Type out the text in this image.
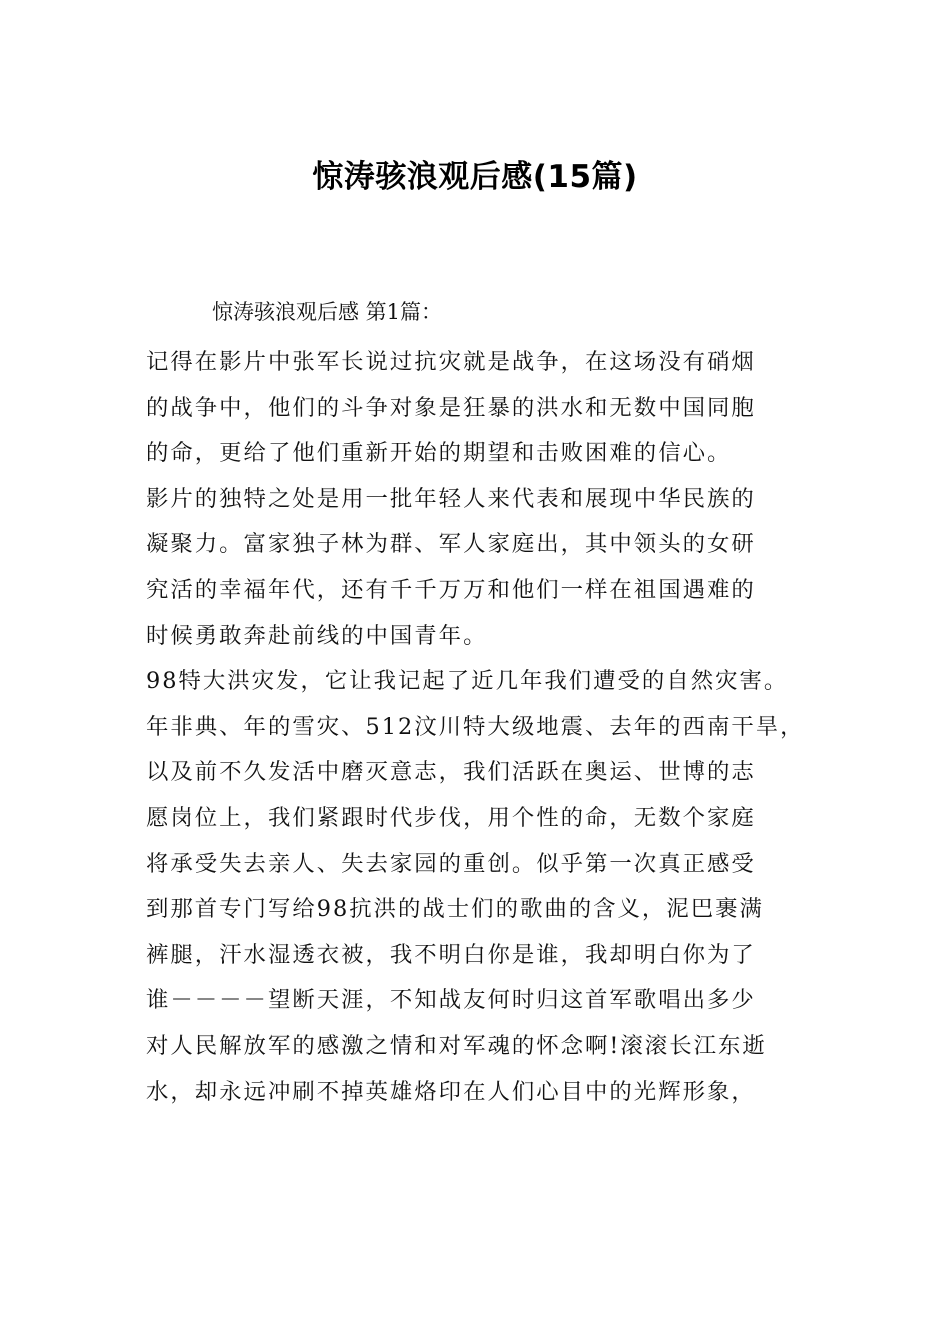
惊涛骇浪观后感(15篇)
惊涛骇浪观后感 第1篇：
记得在影片中张军长说过抗灾就是战争，在这场没有硝烟
的战争中，他们的斗争对象是狂暴的洪水和无数中国同胞
的命，更给了他们重新开始的期望和击败困难的信心。
影片的独特之处是用一批年轻人来代表和展现中华民族的
凝聚力。富家独子林为群、军人家庭出，其中领头的女研
究活的幸福年代，还有千千万万和他们一样在祖国遇难的
时候勇敢奔赴前线的中国青年。
98特大洪灾发，它让我记起了近几年我们遭受的自然灾害。
年非典、年的雪灾、512汶川特大级地震、去年的西南干旱，
以及前不久发活中磨灭意志，我们活跃在奥运、世博的志
愿岗位上，我们紧跟时代步伐，用个性的命，无数个家庭
将承受失去亲人、失去家园的重创。似乎第一次真正感受
到那首专门写给98抗洪的战士们的歌曲的含义，泥巴裹满
裤腿，汗水湿透衣被，我不明白你是谁，我却明白你为了
谁－－－－望断天涯，不知战友何时归这首军歌唱出多少
对人民解放军的感激之情和对军魂的怀念啊!滚滚长江东逝
水，却永远冲刷不掉英雄烙印在人们心目中的光辉形象，
